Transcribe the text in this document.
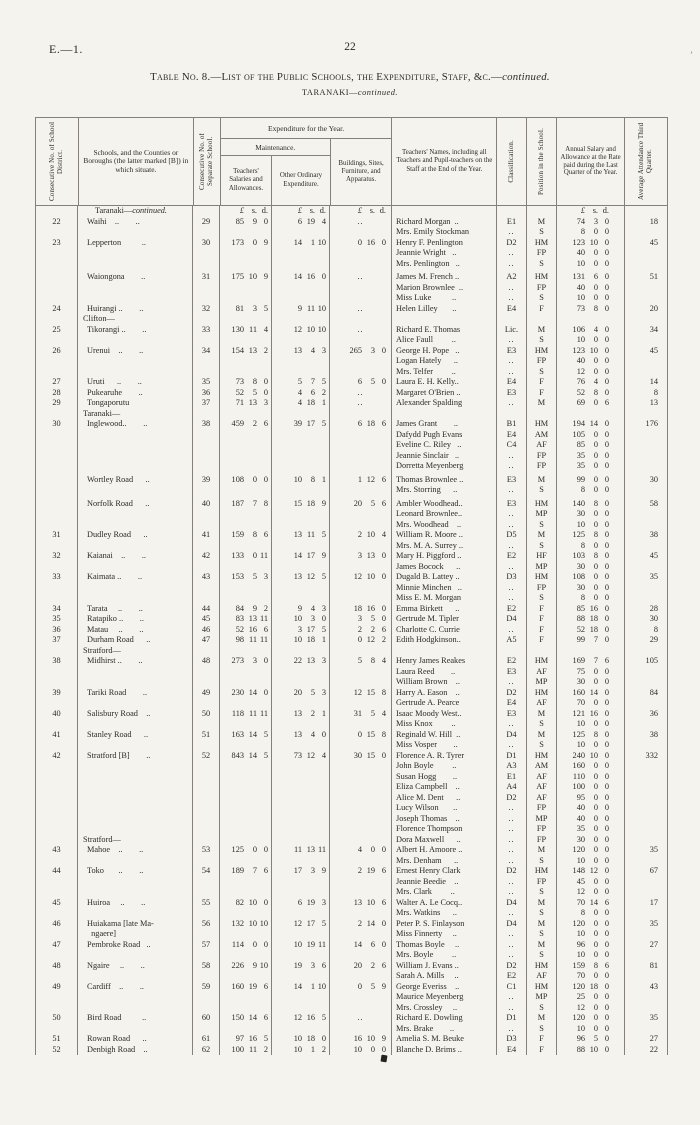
E.—1.	22
Table No. 8.—List of the Public Schools, the Expenditure, Staff, &c.—continued.
TARANAKI—continued.
’
Consecutive No. of School District.	Schools, and the Counties or Boroughs (the latter marked [B]) in which situate.	Consecutive No. of Separate School.
Expenditure for the Year.
Maintenance.
Teachers' Salaries and Allowances.
Other Ordinary Expenditure.
Buildings, Sites, Furniture, and Apparatus.
Teachers' Names, including all Teachers and Pupil-teachers on the Staff at the End of the Year.	Classification.	Position in the School.	Annual Salary and Allowance at the Rate paid during the Last Quarter of the Year.	Average Attendance Third Quarter.
Taranaki—continued.	£ s. d.	£ s. d.	£ s. d.	£ s. d.
22	Waihi    ..        ..	29	85	9 0	6 19 4	..	Richard Morgan  ..	E1	M	74	3 0	18
Mrs. Emily Stockman	..	S	8	0 0
23	Lepperton          ..	30	173	0 9	14	1 10	0 16 0	Henry F. Penlington	D2	HM	123 10 0	45
Jeannie Wright   ..	..	FP	40	0 0
Mrs. Penlington   ..	..	S	10	0 0
Waiongona        ..	31	175 10 9	14 16 0	..	James M. French ..	A2	HM	131	6 0	51
Marion Brownlee  ..	..	FP	40	0 0
Miss Luke          ..	..	S	10	0 0
24	Huirangi ..        ..	32	81	3 5	9 11 10	..	Helen Lilley       ..	E4	F	73	8 0	20
Clifton—
25	Tikorangi ..        ..	33	130 11 4	12 10 10	..	Richard E. Thomas	Lic.	M	106	4 0	34
Alice Faull         ..	..	S	10	0 0
26	Urenui    ..        ..	34	154 13 2	13	4 3	265	3 0	George H. Pope   ..	E3	HM	123 10 0	45
Logan Hately      ..	..	FP	40	0 0
Mrs. Telfer         ..	..	S	12	0 0
27	Uruti      ..        ..	35	73	8 0	5	7 5	6	5 0	Laura E. H. Kelly..	E4	F	76	4 0	14
28	Pukearuhe        ..	36	52	5 0	4	6 2	..	Margaret O'Brien ..	E3	F	52	8 0	8
29	Tongaporutu	37	71 13 3	4 18 1	..	Alexander Spalding	..	M	69	0 6	13
Taranaki—
30	Inglewood..        ..	38	459	2 6	39 17 5	6 18 6	James Grant        ..	B1	HM	194 14 0	176
Dafydd Pugh Evans	E4	AM	105	0 0
Eveline C. Riley   ..	C4	AF	85	0 0
Jeannie Sinclair   ..	..	FP	35	0 0
Dorretta Meyenberg	..	FP	35	0 0
Wortley Road      ..	39	108	0 0	10	8 1	1 12 6	Thomas Brownlee ..	E3	M	99	0 0	30
Mrs. Storring      ..	..	S	8	0 0
Norfolk Road      ..	40	187	7 8	15 18 9	20	5 6	Ambler Woodhead..	E3	HM	140	8 0	58
Leonard Brownlee..	..	MP	30	0 0
Mrs. Woodhead    ..	..	S	10	0 0
31	Dudley Road      ..	41	159	8 6	13 11 5	2 10 4	William R. Moore ..	D5	M	125	8 0	38
Mrs. M. A. Surrey ..	..	S	8	0 0
32	Kaianai    ..        ..	42	133	0 11	14 17 9	3 13 0	Mary H. Piggford ..	E2	HF	103	8 0	45
James Bocock      ..	..	MP	30	0 0
33	Kaimata ..        ..	43	153	5 3	13 12 5	12 10 0	Dugald B. Lattey ..	D3	HM	108	0 0	35
Minnie Minchen   ..	..	FP	30	0 0
Miss E. M. Morgan	..	S	8	0 0
34	Tarata     ..        ..	44	84	9 2	9	4 3	18 16 0	Emma Birkett      ..	E2	F	85 16 0	28
35	Ratapiko ..        ..	45	83 13 11	10	3 0	3	5 0	Gertrude M. Tipler	D4	F	88 18 0	30
36	Matau     ..        ..	46	52 16 6	3 17 5	2	2 6	Charlotte C. Currie	..	F	52 18 0	8
37	Durham Road      ..	47	98 11 11	10 18 1	0 12 2	Edith Hodgkinson..	A5	F	99	7 0	29
Stratford—
38	Midhirst ..        ..	48	273	3 0	22 13 3	5	8 4	Henry James Reakes	E2	HM	169	7 6	105
Laura Reed        ..	E3	AF	75	0 0
William Brown    ..	..	MP	30	0 0
39	Tariki Road        ..	49	230 14 0	20	5 3	12 15 8	Harry A. Eason    ..	D2	HM	160 14 0	84
Gertrude A. Pearce	E4	AF	70	0 0
40	Salisbury Road    ..	50	118 11 11	13	2 1	31	5 4	Isaac Moody West..	E3	M	121 16 0	36
Miss Knox         ..	..	S	10	0 0
41	Stanley Road      ..	51	163 14 5	13	4 0	0 15 8	Reginald W. Hill  ..	D4	M	125	8 0	38
Miss Vosper        ..	..	S	10	0 0
42	Stratford [B]        ..	52	843 14 5	73 12 4	30 15 0	Florence A. R. Tyrer	D1	HM	240 10 0	332
John Boyle         ..	A3	AM	160	0 0
Susan Hogg        ..	E1	AF	110	0 0
Eliza Campbell    ..	A4	AF	100	0 0
Alice M. Dent      ..	D2	AF	95	0 0
Lucy Wilson       ..	..	FP	40	0 0
Joseph Thomas    ..	..	MP	40	0 0
Florence Thompson	..	FP	35	0 0
Stratford—	Dora Maxwell      ..	..	FP	30	0 0
43	Mahoe    ..        ..	53	125	0 0	11 13 11	4	0 0	Albert H. Amoore ..	..	M	120	0 0	35
Mrs. Denham      ..	..	S	10	0 0
44	Toko       ..        ..	54	189	7 6	17	3 9	2 19 6	Ernest Henry Clark	D2	HM	148 12 0	67
Jeannie Beedie    ..	..	FP	45	0 0
Mrs. Clark         ..	..	S	12	0 0
45	Huiroa     ..        ..	55	82 10 0	6 19 3	13 10 6	Walter A. Le Cocq..	D4	M	70 14 6	17
Mrs. Watkins      ..	..	S	8	0 0
46	Huiakama [late Ma-	56	132 10 10	12 17 5	2 14 0	Peter P. S. Finlayson	D4	M	120	0 0	35
ngaere]	Miss Finnerty     ..	..	S	10	0 0
47	Pembroke Road   ..	57	114	0 0	10 19 11	14	6 0	Thomas Boyle     ..	..	M	96	0 0	27
Mrs. Boyle         ..	..	S	10	0 0
48	Ngaire     ..        ..	58	226	9 10	19	3 6	20	2 6	William J. Evans ..	D2	HM	159	8 6	81
Sarah A. Mills     ..	E2	AF	70	0 0
49	Cardiff    ..        ..	59	160 19 6	14	1 10	0	5 9	George Everiss    ..	C1	HM	120 18 0	43
Maurice Meyenberg	..	MP	25	0 0
Mrs. Crossley     ..	..	S	12	0 0
50	Bird Road          ..	60	150 14 6	12 16 5	..	Richard E. Dowling	D1	M	120	0 0	35
Mrs. Brake        ..	..	S	10	0 0
51	Rowan Road      ..	61	97 16 5	10 18 0	16 10 9	Amelia S. M. Beuke	D3	F	96	5 0	27
52	Denbigh Road    ..	62	100 11 2	10	1 2	10	0 0	Blanche D. Brims ..	E4	F	88 10 0	22
